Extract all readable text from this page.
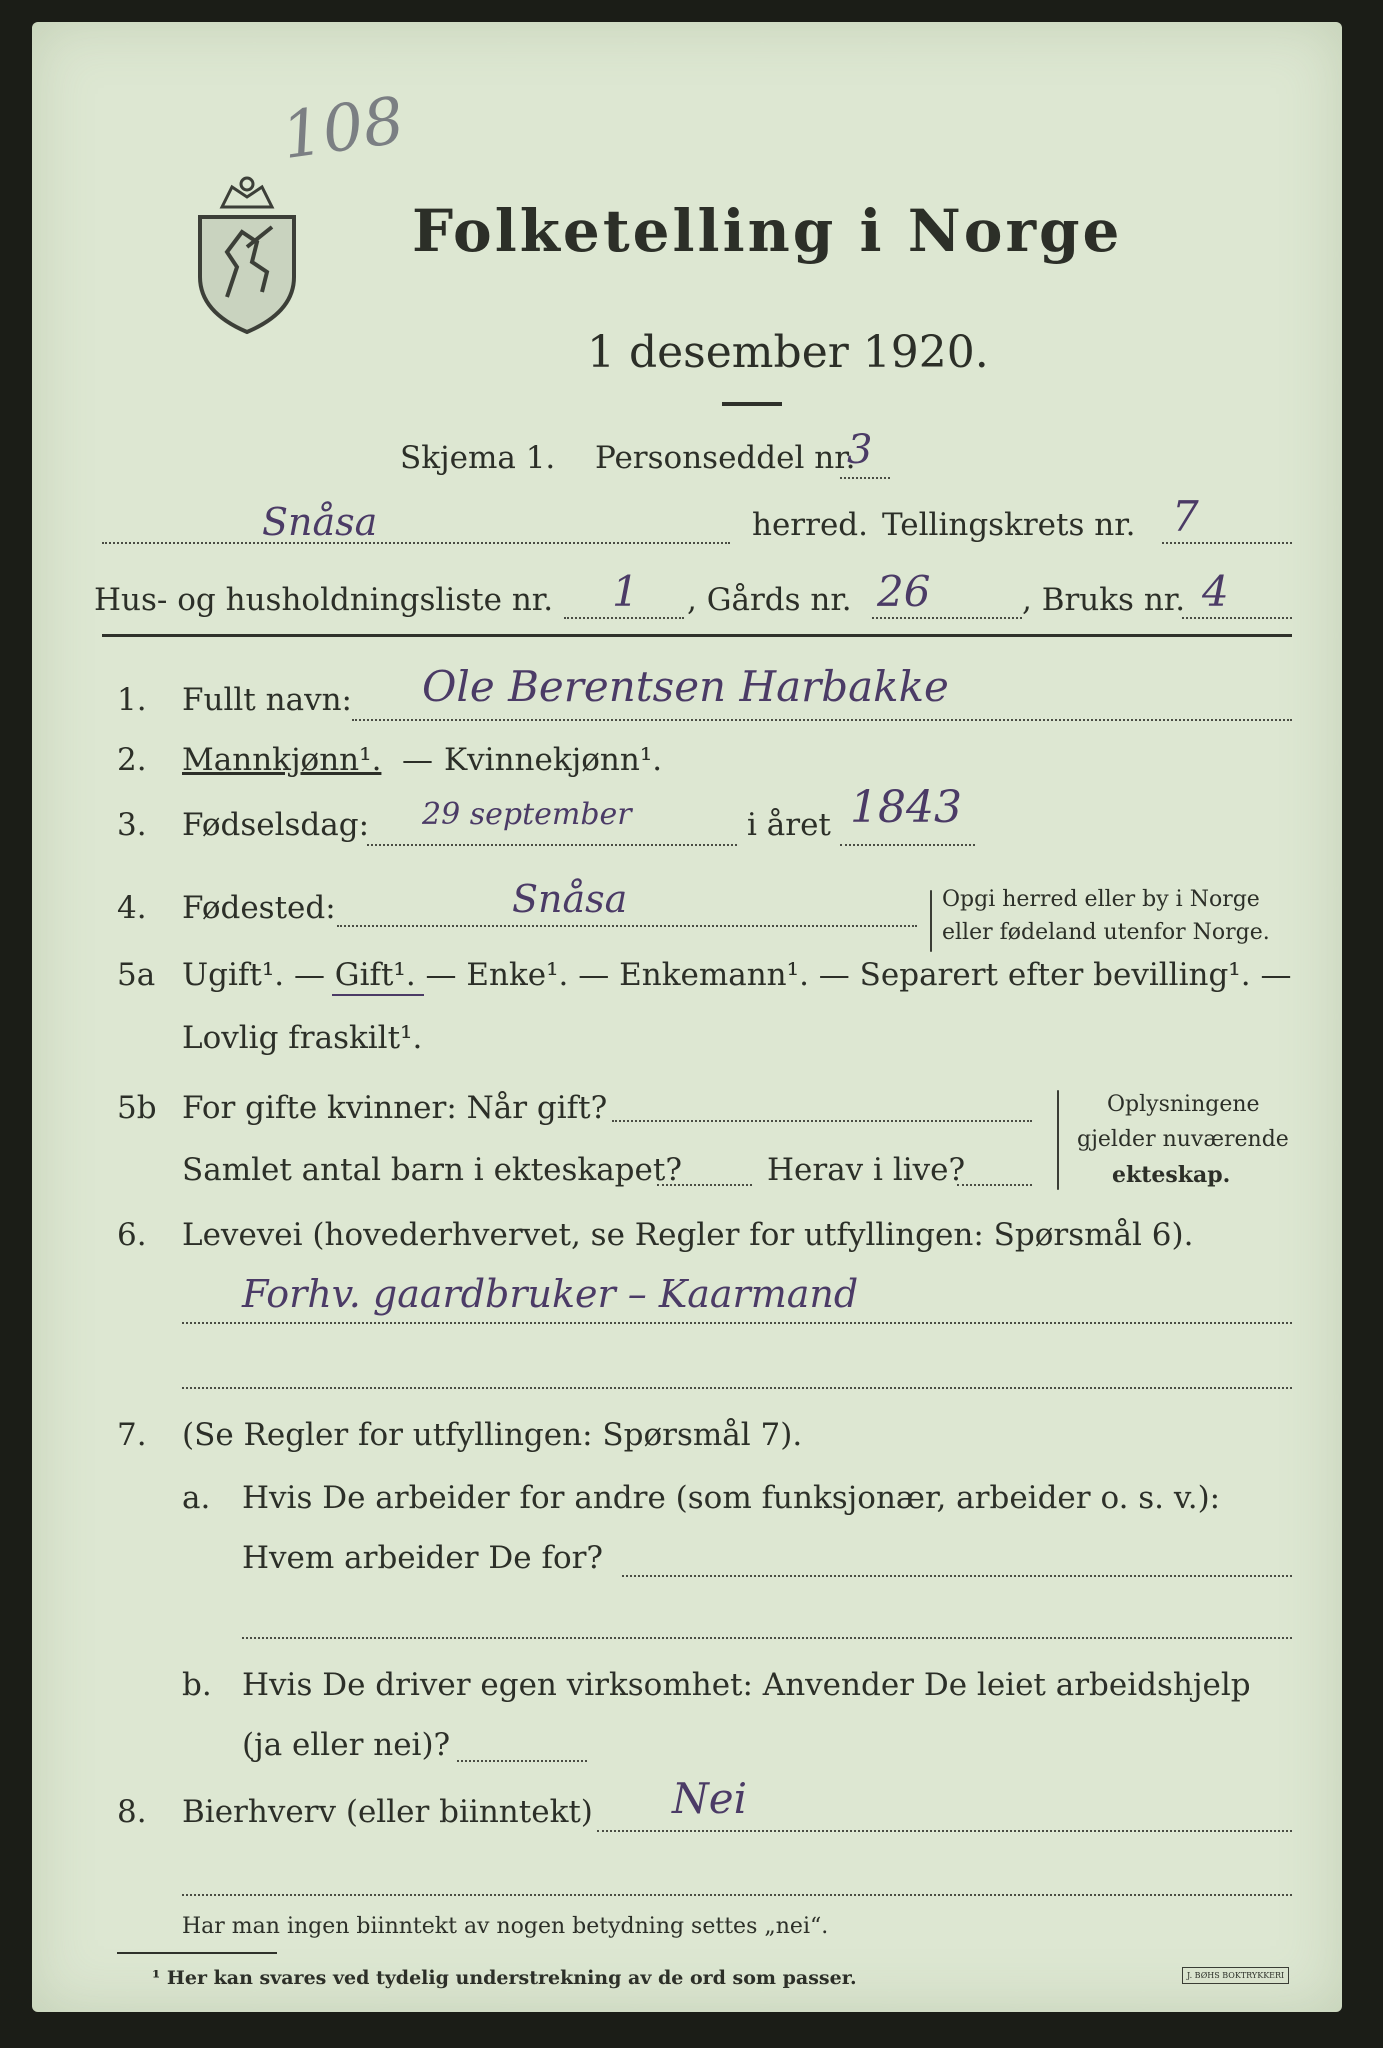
108
Folketelling i Norge
1 desember 1920.
Skjema 1. Personseddel nr.
3
Snåsa	herred. Tellingskrets nr. 7
Hus- og husholdningsliste nr. 1 , Gårds nr. 26	, Bruks nr. 4
1. Fullt navn: Ole Berentsen Harbakke
2. Mannkjønn¹. — Kvinnekjønn¹.
3. Fødselsdag: 29 september	i året 1843
4. Fødested:	Snåsa	Opgi herred eller by i Norge
eller fødeland utenfor Norge.
5a Ugift¹. — Gift¹. — Enke¹. — Enkemann¹. — Separert efter bevilling¹. —
Lovlig fraskilt¹.
5b For gifte kvinner: Når gift?
Samlet antal barn i ekteskapet?	Herav i live?
Oplysningene
gjelder nuværende
ekteskap.
6. Levevei (hovederhvervet, se Regler for utfyllingen: Spørsmål 6).
Forhv. gaardbruker – Kaarmand
7. (Se Regler for utfyllingen: Spørsmål 7).
a. Hvis De arbeider for andre (som funksjonær, arbeider o. s. v.):
Hvem arbeider De for?
b. Hvis De driver egen virksomhet: Anvender De leiet arbeidshjelp
(ja eller nei)?
8. Bierhverv (eller biinntekt) Nei
Har man ingen biinntekt av nogen betydning settes „nei“.
¹ Her kan svares ved tydelig understrekning av de ord som passer.	J. BØHS BOKTRYKKERI
